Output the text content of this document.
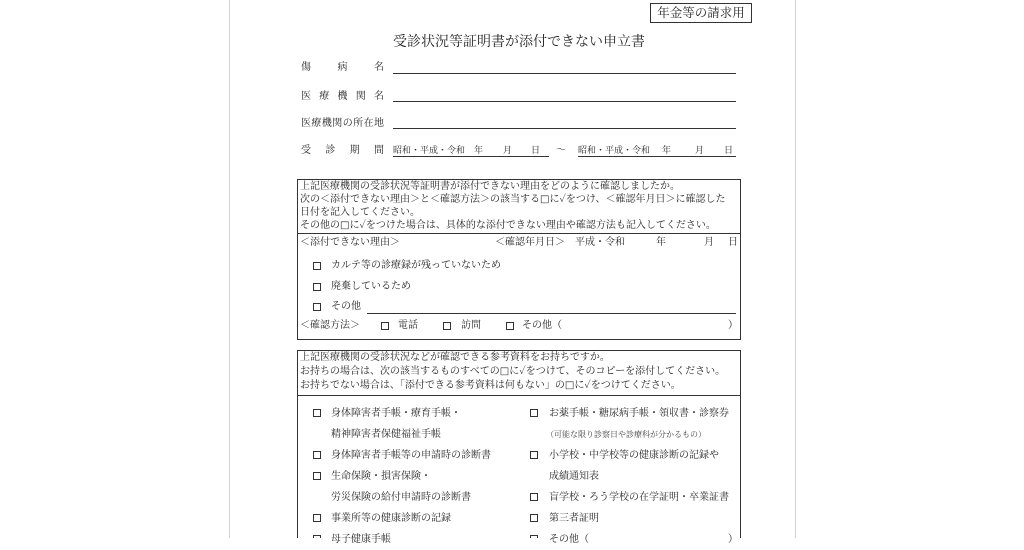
年金等の請求用
受診状況等証明書が添付できない申立書
傷病名
医療機関名
医療機関の所在地
受診期間 昭和・平成・令和 年 月 日 ～ 昭和・平成・令和 年	月 日
上記医療機関の受診状況等証明書が添付できない理由をどのように確認しましたか。
次の＜添付できない理由＞と＜確認方法＞の該当する□に✓をつけ、＜確認年月日＞に確認した
日付を記入してください。
その他の□に✓をつけた場合は、具体的な添付できない理由や確認方法も記入してください。
＜添付できない理由＞	＜確認年月日＞ 平成・令和	年	月 日
カルテ等の診療録が残っていないため
廃棄しているため
その他
＜確認方法＞	電話	訪問	その他（	）
上記医療機関の受診状況などが確認できる参考資料をお持ちですか。
お持ちの場合は、次の該当するものすべての□に✓をつけて、そのコピーを添付してください。
お持ちでない場合は、「添付できる参考資料は何もない」の□に✓をつけてください。
身体障害者手帳・療育手帳・	お薬手帳・糖尿病手帳・領収書・診察券
精神障害者保健福祉手帳	（可能な限り診察日や診療科が分かるもの）
身体障害者手帳等の申請時の診断書	小学校・中学校等の健康診断の記録や
生命保険・損害保険・	成績通知表
労災保険の給付申請時の診断書	盲学校・ろう学校の在学証明・卒業証書
事業所等の健康診断の記録	第三者証明
母子健康手帳	その他（	）
